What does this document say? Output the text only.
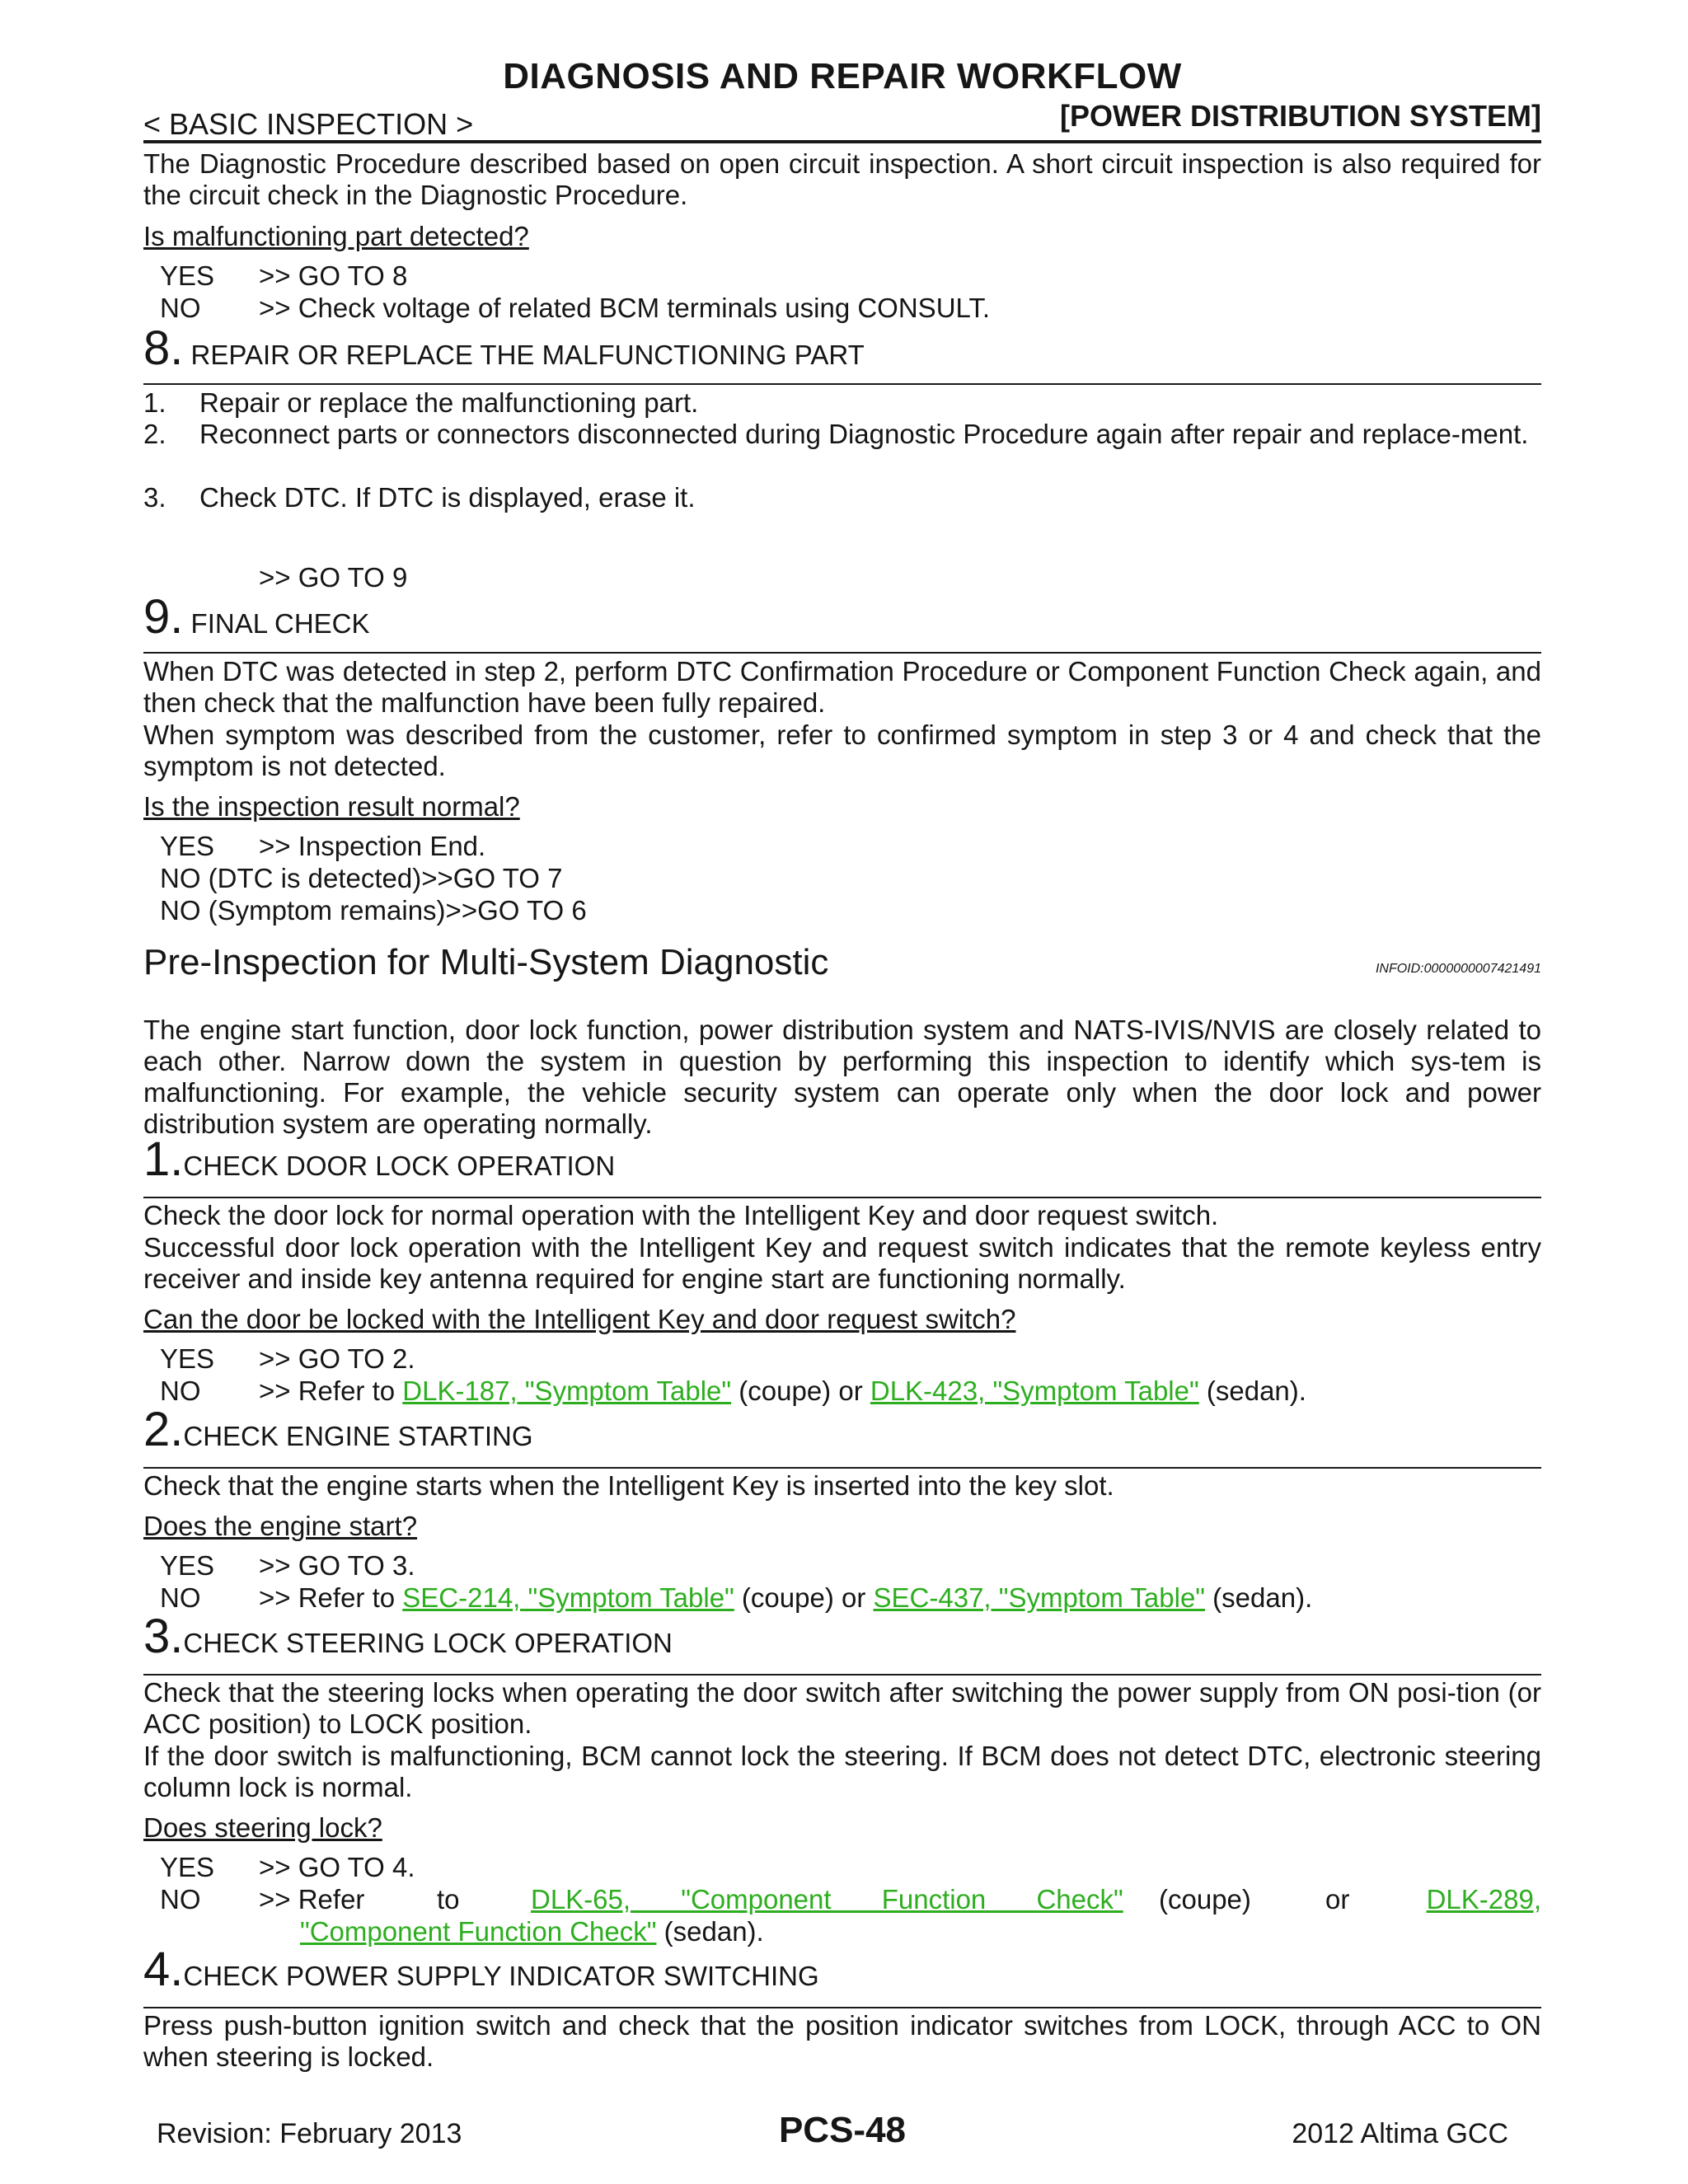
DIAGNOSIS AND REPAIR WORKFLOW
< BASIC INSPECTION >	[POWER DISTRIBUTION SYSTEM]
The Diagnostic Procedure described based on open circuit inspection. A short circuit inspection is also required for the circuit check in the Diagnostic Procedure.
Is malfunctioning part detected?
YES >> GO TO 8
NO >> Check voltage of related BCM terminals using CONSULT.
8. REPAIR OR REPLACE THE MALFUNCTIONING PART
1. Repair or replace the malfunctioning part.
2. Reconnect parts or connectors disconnected during Diagnostic Procedure again after repair and replace-ment.
3. Check DTC. If DTC is displayed, erase it.
>> GO TO 9
9. FINAL CHECK
When DTC was detected in step 2, perform DTC Confirmation Procedure or Component Function Check again, and then check that the malfunction have been fully repaired.
When symptom was described from the customer, refer to confirmed symptom in step 3 or 4 and check that the symptom is not detected.
Is the inspection result normal?
YES >> Inspection End.
NO (DTC is detected)>>GO TO 7
NO (Symptom remains)>>GO TO 6
Pre-Inspection for Multi-System Diagnostic	INFOID:0000000007421491
The engine start function, door lock function, power distribution system and NATS-IVIS/NVIS are closely related to each other. Narrow down the system in question by performing this inspection to identify which sys-tem is malfunctioning. For example, the vehicle security system can operate only when the door lock and power distribution system are operating normally.
1.CHECK DOOR LOCK OPERATION
Check the door lock for normal operation with the Intelligent Key and door request switch.
Successful door lock operation with the Intelligent Key and request switch indicates that the remote keyless entry receiver and inside key antenna required for engine start are functioning normally.
Can the door be locked with the Intelligent Key and door request switch?
YES >> GO TO 2.
NO >> Refer to DLK-187, "Symptom Table" (coupe) or DLK-423, "Symptom Table" (sedan).
2.CHECK ENGINE STARTING
Check that the engine starts when the Intelligent Key is inserted into the key slot.
Does the engine start?
YES >> GO TO 3.
NO >> Refer to SEC-214, "Symptom Table" (coupe) or SEC-437, "Symptom Table" (sedan).
3.CHECK STEERING LOCK OPERATION
Check that the steering locks when operating the door switch after switching the power supply from ON posi-tion (or ACC position) to LOCK position.
If the door switch is malfunctioning, BCM cannot lock the steering. If BCM does not detect DTC, electronic steering column lock is normal.
Does steering lock?
YES >> GO TO 4.
NO >> Refer	to	DLK-65, "Component Function Check" (coupe)	or	DLK-289,
"Component Function Check" (sedan).
4.CHECK POWER SUPPLY INDICATOR SWITCHING
Press push-button ignition switch and check that the position indicator switches from LOCK, through ACC to ON when steering is locked.
Revision: February 2013	PCS-48	2012 Altima GCC
